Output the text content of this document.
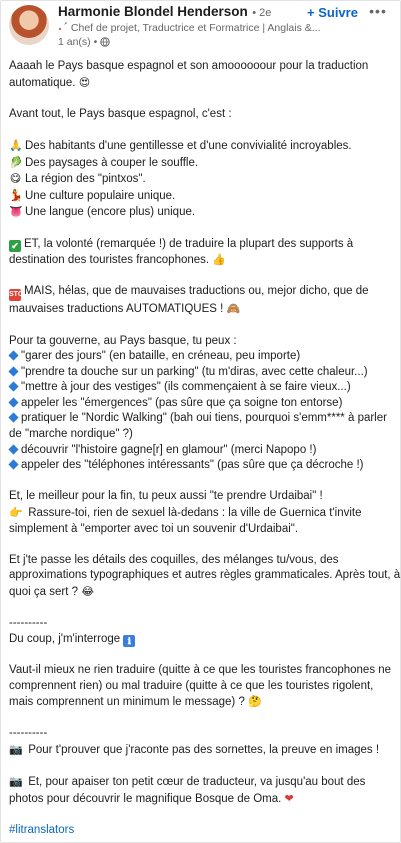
Harmonie Blondel Henderson • 2e
Chef de projet, Traductrice et Formatrice | Anglais &...
1 an(s) •
+ Suivre •••
Aaaah le Pays basque espagnol et son amoooooour pour la traduction
automatique. 😍
Avant tout, le Pays basque espagnol, c'est :
🙏 Des habitants d'une gentillesse et d'une convivialité incroyables.
🥬 Des paysages à couper le souffle.
😋 La région des "pintxos".
💃 Une culture populaire unique.
👅 Une langue (encore plus) unique.
✔ ET, la volonté (remarquée !) de traduire la plupart des supports à
destination des touristes francophones. 👍
STOPMAIS, hélas, que de mauvaises traductions ou, mejor dicho, que de
mauvaises traductions AUTOMATIQUES ! 🙈
Pour ta gouverne, au Pays basque, tu peux :
"garer des jours" (en bataille, en créneau, peu importe)
"prendre ta douche sur un parking" (tu m'diras, avec cette chaleur...)
"mettre à jour des vestiges" (ils commençaient à se faire vieux...)
appeler les "émergences" (pas sûre que ça soigne ton entorse)
pratiquer le "Nordic Walking" (bah oui tiens, pourquoi s'emm**** à parler
de "marche nordique" ?)
découvrir "l'histoire gagne[r] en glamour" (merci Napopo !)
appeler des "téléphones intéressants" (pas sûre que ça décroche !)
Et, le meilleur pour la fin, tu peux aussi "te prendre Urdaibai" !
👉 Rassure-toi, rien de sexuel là-dedans : la ville de Guernica t'invite
simplement à "emporter avec toi un souvenir d'Urdaibai".
Et j'te passe les détails des coquilles, des mélanges tu/vous, des
approximations typographiques et autres règles grammaticales. Après tout, à
quoi ça sert ? 😂
----------
Du coup, j'm'interroge ℹ
Vaut-il mieux ne rien traduire (quitte à ce que les touristes francophones ne
comprennent rien) ou mal traduire (quitte à ce que les touristes rigolent,
mais comprennent un minimum le message) ? 🤔
----------
📷 Pour t'prouver que j'raconte pas des sornettes, la preuve en images !
📷 Et, pour apaiser ton petit cœur de traducteur, va jusqu'au bout des
photos pour découvrir le magnifique Bosque de Oma. ❤
#litranslators
